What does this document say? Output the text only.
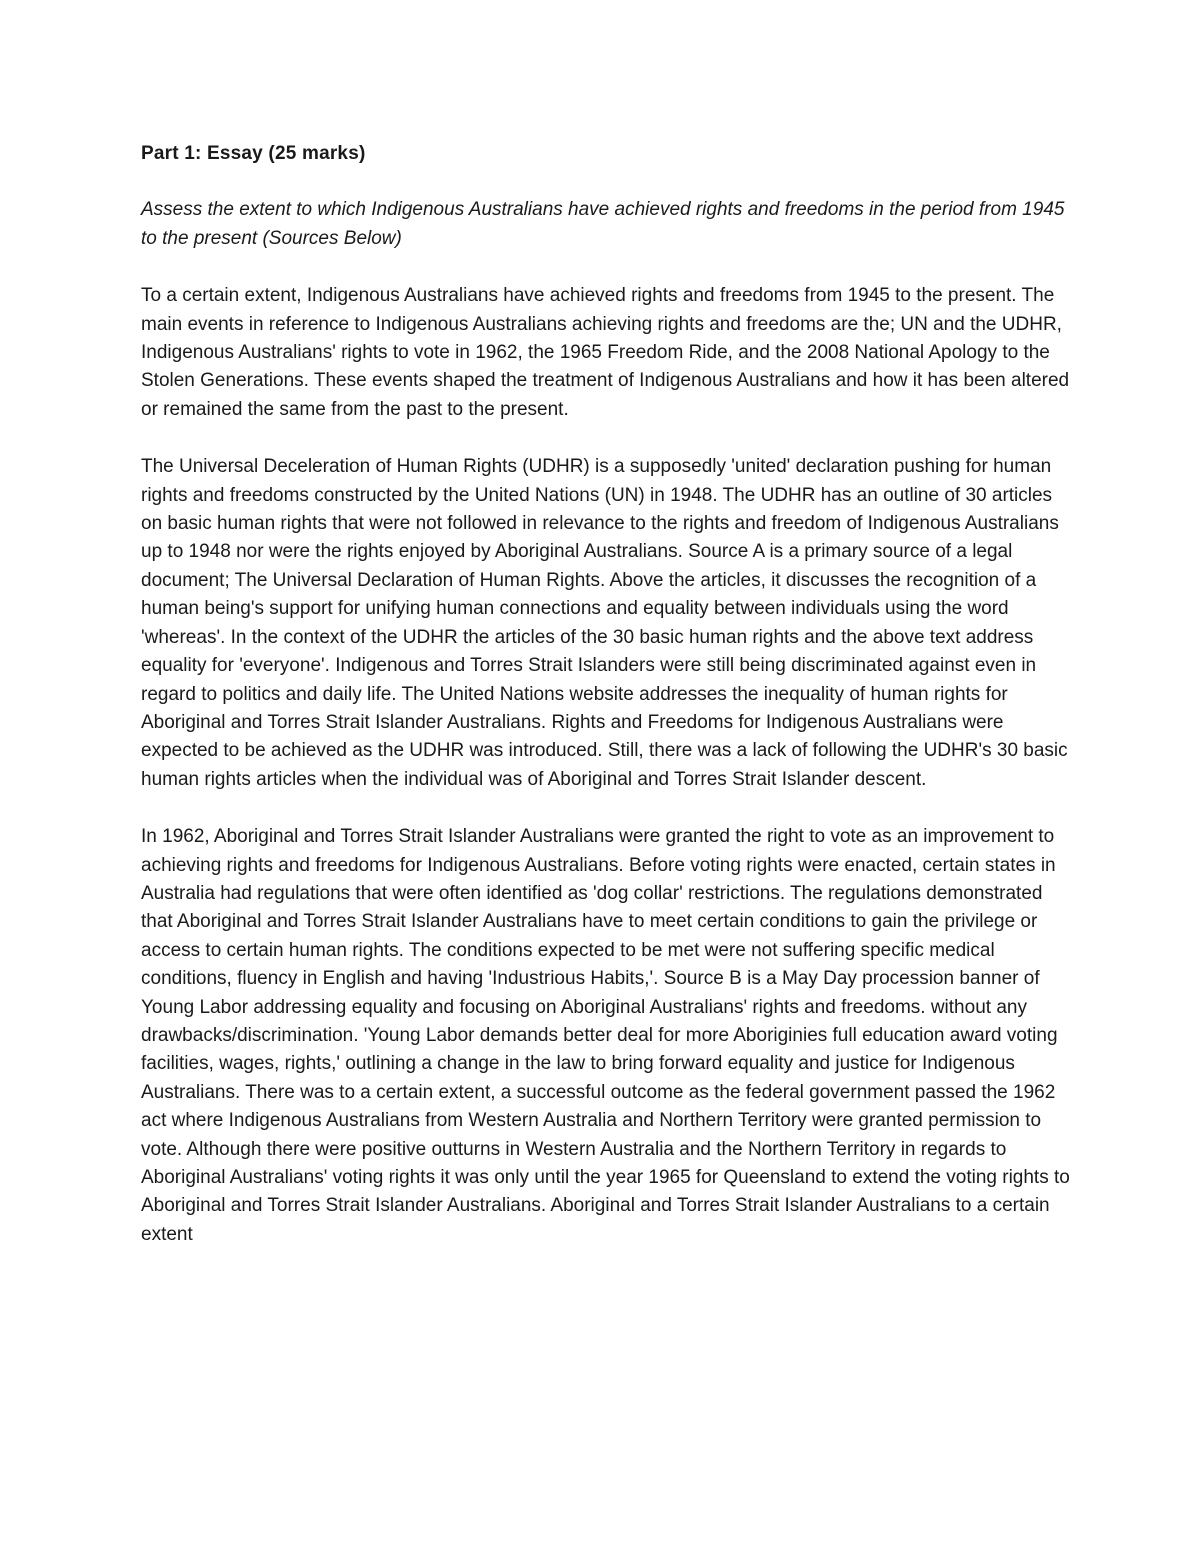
Part 1: Essay (25 marks)

Assess the extent to which Indigenous Australians have achieved rights and freedoms in the period from 1945 to the present (Sources Below)

To a certain extent, Indigenous Australians have achieved rights and freedoms from 1945 to the present. The main events in reference to Indigenous Australians achieving rights and freedoms are the; UN and the UDHR, Indigenous Australians' rights to vote in 1962, the 1965 Freedom Ride, and the 2008 National Apology to the Stolen Generations. These events shaped the treatment of Indigenous Australians and how it has been altered or remained the same from the past to the present.

The Universal Deceleration of Human Rights (UDHR) is a supposedly 'united' declaration pushing for human rights and freedoms constructed by the United Nations (UN) in 1948. The UDHR has an outline of 30 articles on basic human rights that were not followed in relevance to the rights and freedom of Indigenous Australians up to 1948 nor were the rights enjoyed by Aboriginal Australians. Source A is a primary source of a legal document; The Universal Declaration of Human Rights. Above the articles, it discusses the recognition of a human being's support for unifying human connections and equality between individuals using the word 'whereas'. In the context of the UDHR the articles of the 30 basic human rights and the above text address equality for 'everyone'. Indigenous and Torres Strait Islanders were still being discriminated against even in regard to politics and daily life. The United Nations website addresses the inequality of human rights for Aboriginal and Torres Strait Islander Australians. Rights and Freedoms for Indigenous Australians were expected to be achieved as the UDHR was introduced. Still, there was a lack of following the UDHR's 30 basic human rights articles when the individual was of Aboriginal and Torres Strait Islander descent.

In 1962, Aboriginal and Torres Strait Islander Australians were granted the right to vote as an improvement to achieving rights and freedoms for Indigenous Australians. Before voting rights were enacted, certain states in Australia had regulations that were often identified as 'dog collar' restrictions. The regulations demonstrated that Aboriginal and Torres Strait Islander Australians have to meet certain conditions to gain the privilege or access to certain human rights. The conditions expected to be met were not suffering specific medical conditions, fluency in English and having 'Industrious Habits,'. Source B is a May Day procession banner of Young Labor addressing equality and focusing on Aboriginal Australians' rights and freedoms. without any drawbacks/discrimination. 'Young Labor demands better deal for more Aboriginies full education award voting facilities, wages, rights,' outlining a change in the law to bring forward equality and justice for Indigenous Australians. There was to a certain extent, a successful outcome as the federal government passed the 1962 act where Indigenous Australians from Western Australia and Northern Territory were granted permission to vote. Although there were positive outturns in Western Australia and the Northern Territory in regards to Aboriginal Australians' voting rights it was only until the year 1965 for Queensland to extend the voting rights to Aboriginal and Torres Strait Islander Australians. Aboriginal and Torres Strait Islander Australians to a certain extent
